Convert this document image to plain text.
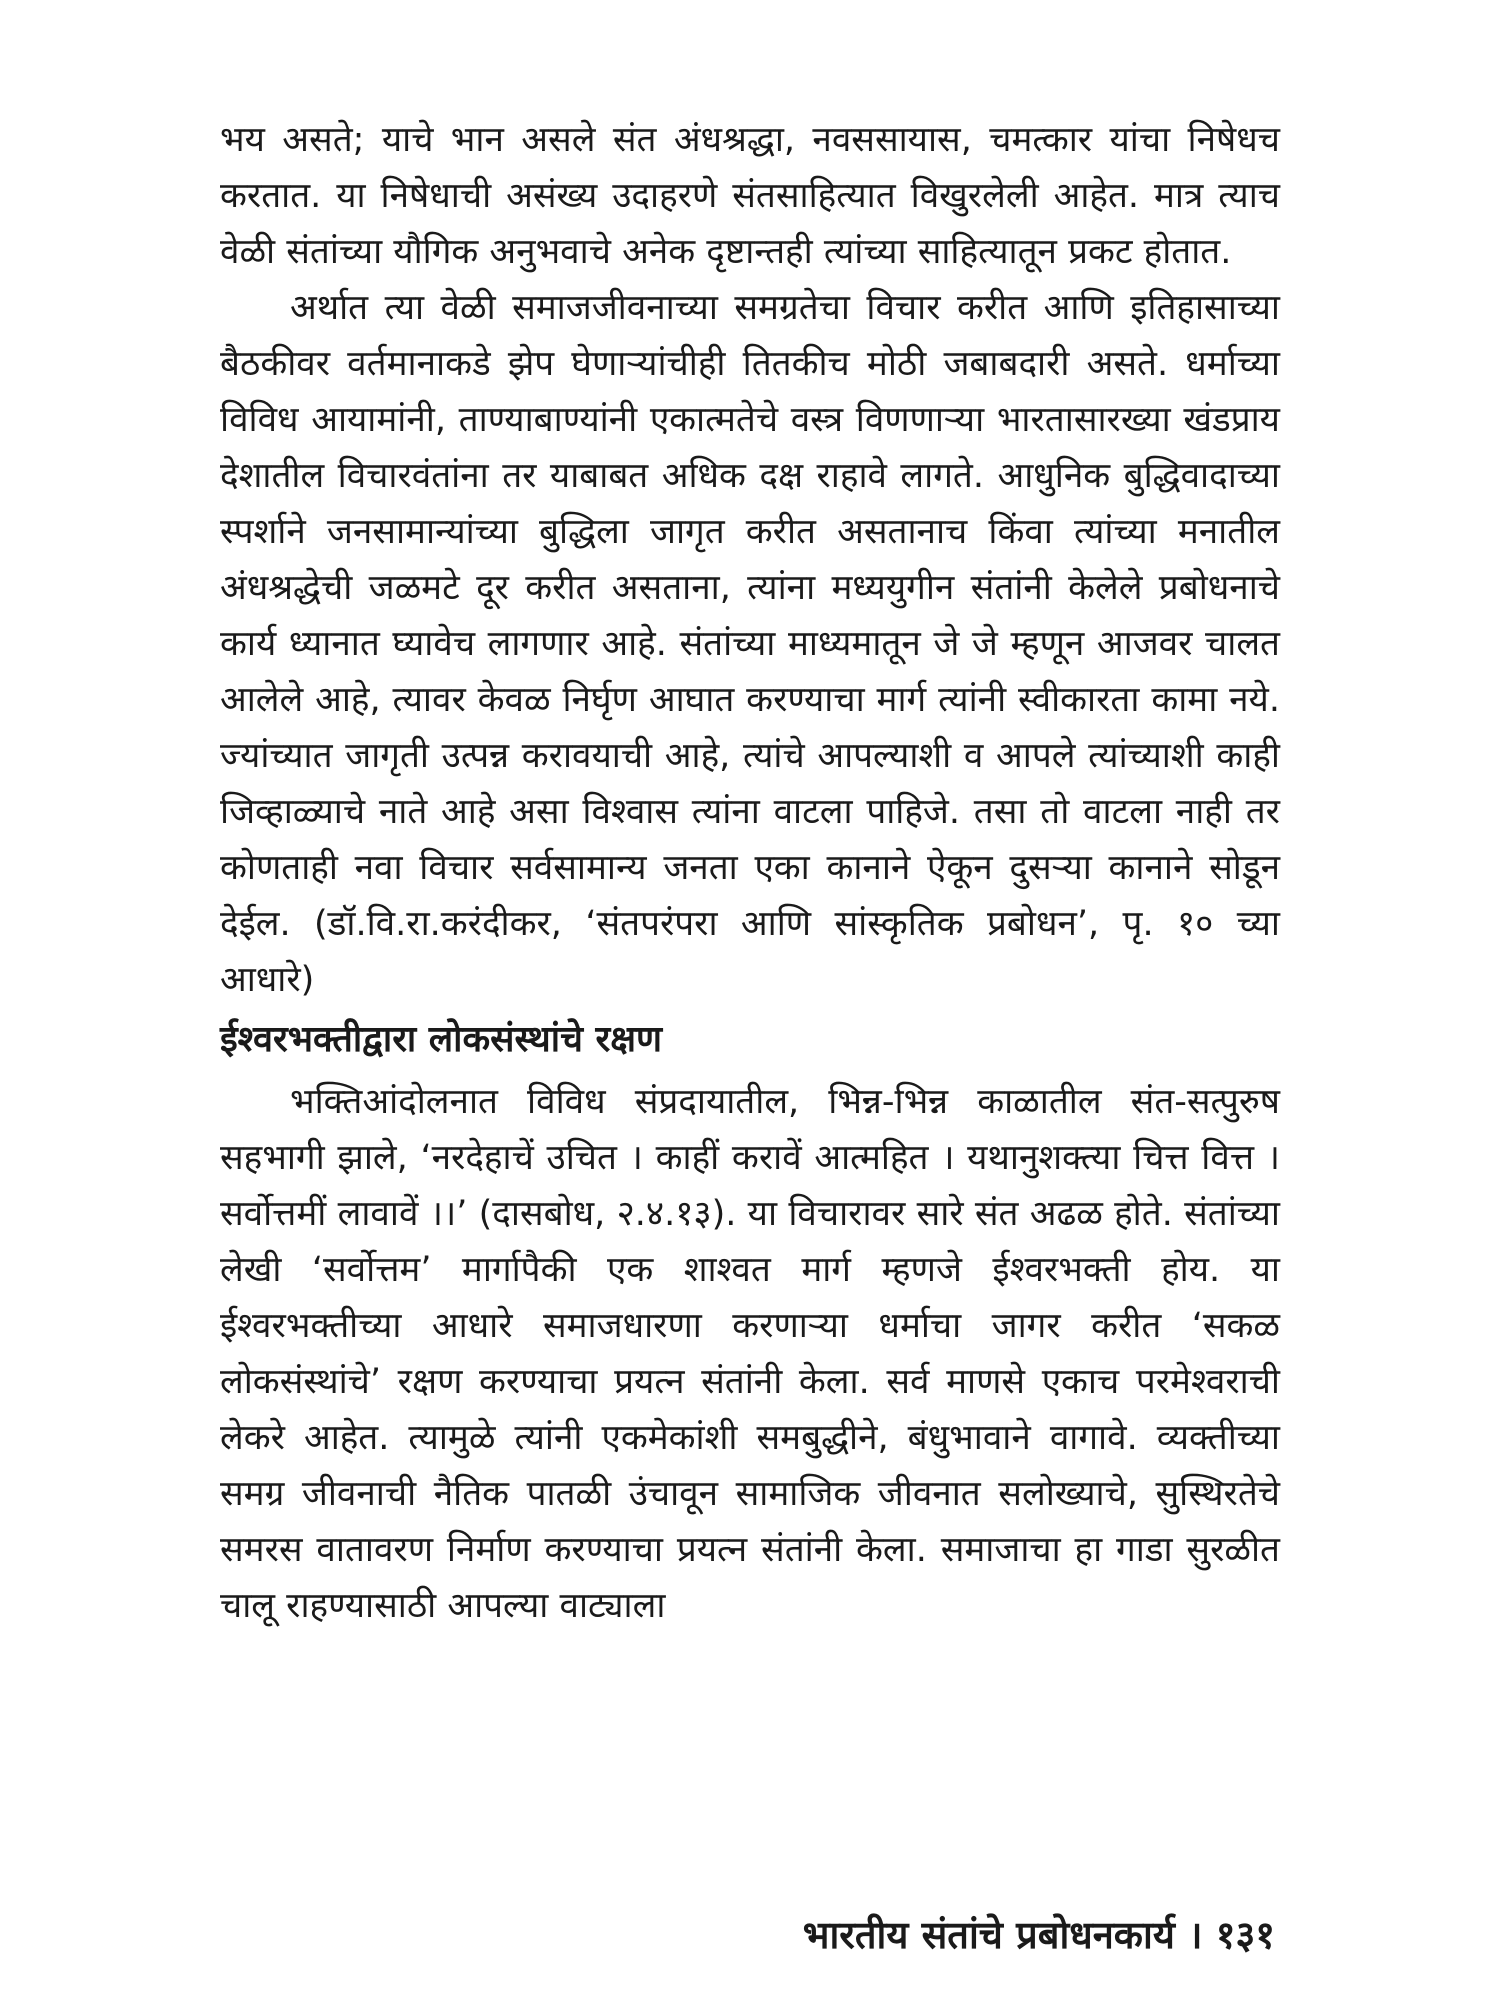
भय असते; याचे भान असले संत अंधश्रद्धा, नवससायास, चमत्कार यांचा निषेधच करतात. या निषेधाची असंख्य उदाहरणे संतसाहित्यात विखुरलेली आहेत. मात्र त्याच वेळी संतांच्या यौगिक अनुभवाचे अनेक दृष्टान्तही त्यांच्या साहित्यातून प्रकट होतात.

अर्थात त्या वेळी समाजजीवनाच्या समग्रतेचा विचार करीत आणि इतिहासाच्या बैठकीवर वर्तमानाकडे झेप घेणाऱ्यांचीही तितकीच मोठी जबाबदारी असते. धर्माच्या विविध आयामांनी, ताण्याबाण्यांनी एकात्मतेचे वस्त्र विणणाऱ्या भारतासारख्या खंडप्राय देशातील विचारवंतांना तर याबाबत अधिक दक्ष राहावे लागते. आधुनिक बुद्धिवादाच्या स्पर्शाने जनसामान्यांच्या बुद्धिला जागृत करीत असतानाच किंवा त्यांच्या मनातील अंधश्रद्धेची जळमटे दूर करीत असताना, त्यांना मध्ययुगीन संतांनी केलेले प्रबोधनाचे कार्य ध्यानात घ्यावेच लागणार आहे. संतांच्या माध्यमातून जे जे म्हणून आजवर चालत आलेले आहे, त्यावर केवळ निर्घृण आघात करण्याचा मार्ग त्यांनी स्वीकारता कामा नये. ज्यांच्यात जागृती उत्पन्न करावयाची आहे, त्यांचे आपल्याशी व आपले त्यांच्याशी काही जिव्हाळ्याचे नाते आहे असा विश्वास त्यांना वाटला पाहिजे. तसा तो वाटला नाही तर कोणताही नवा विचार सर्वसामान्य जनता एका कानाने ऐकून दुसऱ्या कानाने सोडून देईल. (डॉ.वि.रा.करंदीकर, ‘संतपरंपरा आणि सांस्कृतिक प्रबोधन’, पृ. १० च्या आधारे)

ईश्वरभक्तीद्वारा लोकसंस्थांचे रक्षण

भक्तिआंदोलनात विविध संप्रदायातील, भिन्न-भिन्न काळातील संत-सत्पुरुष सहभागी झाले, ‘नरदेहाचें उचित । काहीं करावें आत्महित । यथानुशक्त्या चित्त वित्त । सर्वोत्तमीं लावावें ।।’ (दासबोध, २.४.१३). या विचारावर सारे संत अढळ होते. संतांच्या लेखी ‘सर्वोत्तम’ मार्गापैकी एक शाश्वत मार्ग म्हणजे ईश्वरभक्ती होय. या ईश्वरभक्तीच्या आधारे समाजधारणा करणाऱ्या धर्माचा जागर करीत ‘सकळ लोकसंस्थांचे’ रक्षण करण्याचा प्रयत्न संतांनी केला. सर्व माणसे एकाच परमेश्वराची लेकरे आहेत. त्यामुळे त्यांनी एकमेकांशी समबुद्धीने, बंधुभावाने वागावे. व्यक्तीच्या समग्र जीवनाची नैतिक पातळी उंचावून सामाजिक जीवनात सलोख्याचे, सुस्थिरतेचे समरस वातावरण निर्माण करण्याचा प्रयत्न संतांनी केला. समाजाचा हा गाडा सुरळीत चालू राहण्यासाठी आपल्या वाट्याला

भारतीय संतांचे प्रबोधनकार्य । १३१
